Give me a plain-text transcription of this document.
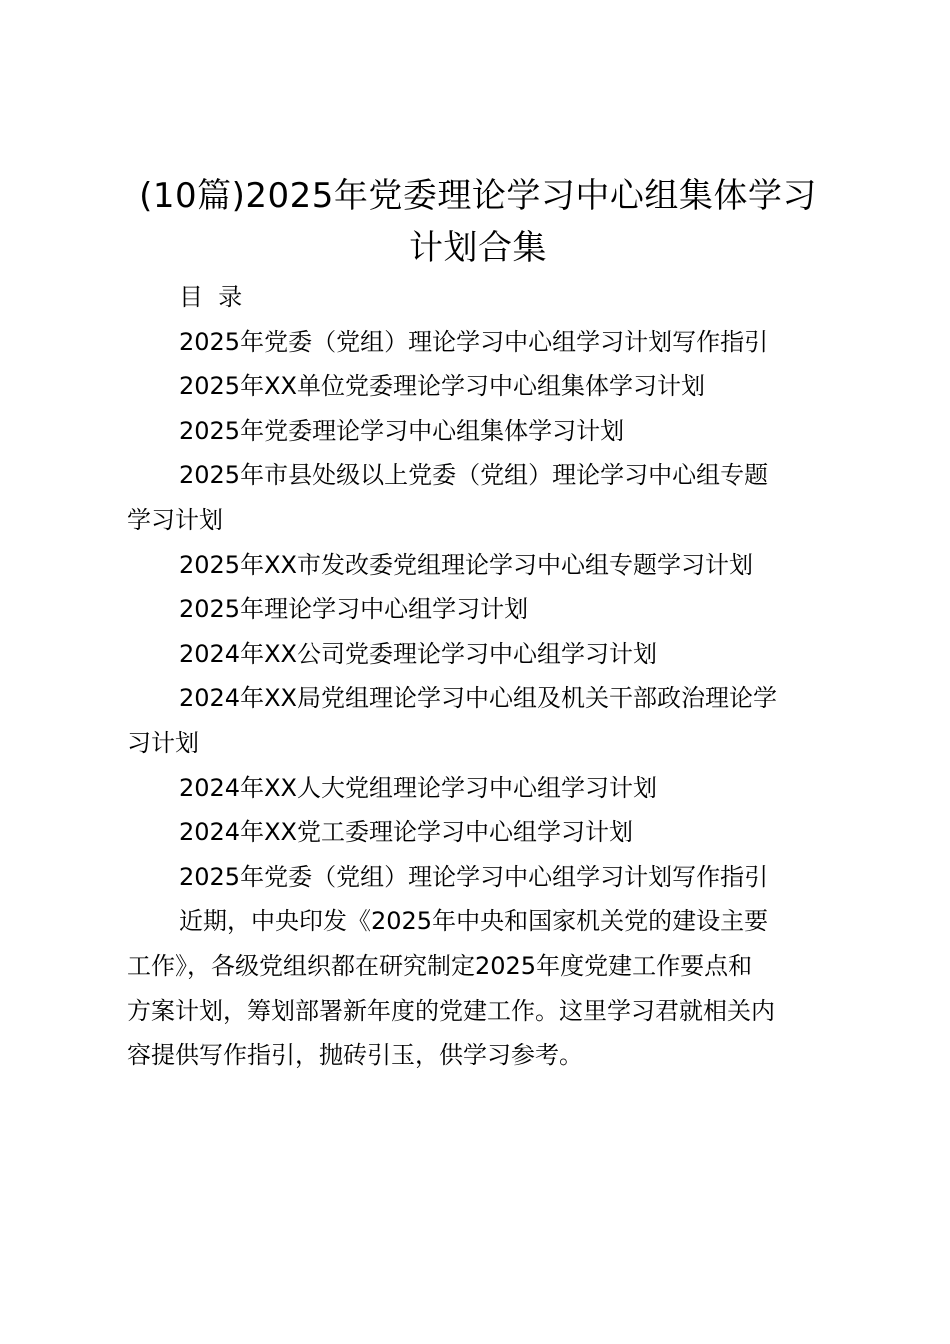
(10篇)2025年党委理论学习中心组集体学习
计划合集

目  录

2025年党委（党组）理论学习中心组学习计划写作指引

2025年XX单位党委理论学习中心组集体学习计划

2025年党委理论学习中心组集体学习计划

2025年市县处级以上党委（党组）理论学习中心组专题
学习计划

2025年XX市发改委党组理论学习中心组专题学习计划

2025年理论学习中心组学习计划

2024年XX公司党委理论学习中心组学习计划

2024年XX局党组理论学习中心组及机关干部政治理论学
习计划

2024年XX人大党组理论学习中心组学习计划

2024年XX党工委理论学习中心组学习计划

2025年党委（党组）理论学习中心组学习计划写作指引

近期，中央印发《2025年中央和国家机关党的建设主要
工作》，各级党组织都在研究制定2025年度党建工作要点和
方案计划，筹划部署新年度的党建工作。这里学习君就相关内
容提供写作指引，抛砖引玉，供学习参考。
